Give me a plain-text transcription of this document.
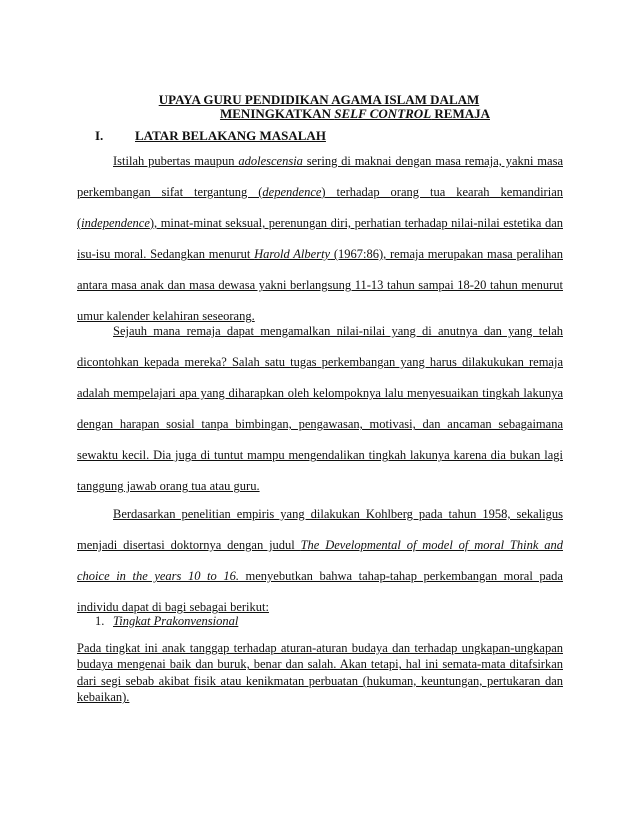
UPAYA GURU PENDIDIKAN AGAMA ISLAM DALAM
MENINGKATKAN SELF CONTROL REMAJA
I. LATAR BELAKANG MASALAH
Istilah pubertas maupun adolescensia sering di maknai dengan masa remaja, yakni masa perkembangan sifat tergantung (dependence) terhadap orang tua kearah kemandirian (independence), minat-minat seksual, perenungan diri, perhatian terhadap nilai-nilai estetika dan isu-isu moral. Sedangkan menurut Harold Alberty (1967:86), remaja merupakan masa peralihan antara masa anak dan masa dewasa yakni berlangsung 11-13 tahun sampai 18-20 tahun menurut umur kalender kelahiran seseorang.
Sejauh mana remaja dapat mengamalkan nilai-nilai yang di anutnya dan yang telah dicontohkan kepada mereka? Salah satu tugas perkembangan yang harus dilakukukan remaja adalah mempelajari apa yang diharapkan oleh kelompoknya lalu menyesuaikan tingkah lakunya dengan harapan sosial tanpa bimbingan, pengawasan, motivasi, dan ancaman sebagaimana sewaktu kecil. Dia juga di tuntut mampu mengendalikan tingkah lakunya karena dia bukan lagi tanggung jawab orang tua atau guru.
Berdasarkan penelitian empiris yang dilakukan Kohlberg pada tahun 1958, sekaligus menjadi disertasi doktornya dengan judul The Developmental of model of moral Think and choice in the years 10 to 16. menyebutkan bahwa tahap-tahap perkembangan moral pada individu dapat di bagi sebagai berikut:
1. Tingkat Prakonvensional
Pada tingkat ini anak tanggap terhadap aturan-aturan budaya dan terhadap ungkapan-ungkapan budaya mengenai baik dan buruk, benar dan salah. Akan tetapi, hal ini semata-mata ditafsirkan dari segi sebab akibat fisik atau kenikmatan perbuatan (hukuman, keuntungan, pertukaran dan kebaikan).
